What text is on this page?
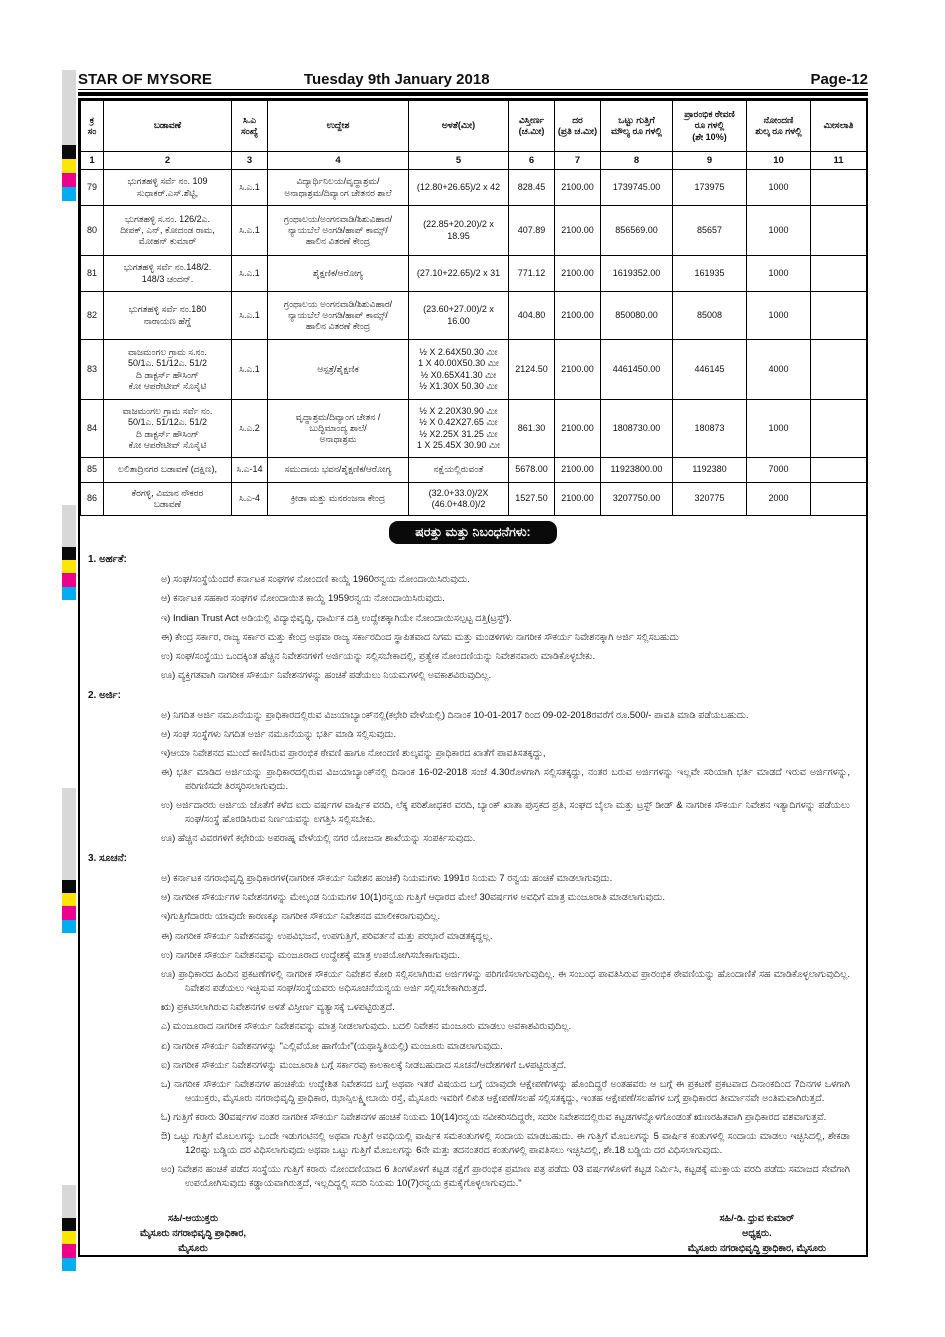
STAR OF MYSORE	Tuesday 9th January 2018	Page-12
ಕ್ರ
ಸಂ	ಬಡಾವಣೆ	ಸಿ.ಎ
ಸಂಖ್ಯೆ	ಉದ್ದೇಶ	ಅಳತೆ(ಮೀ)	ವಿಸ್ತೀರ್ಣ
(ಚ.ಮೀ)	ದರ
(ಪ್ರತಿ ಚ.ಮೀ)	ಒಟ್ಟು ಗುತ್ತಿಗೆ
ಮೌಲ್ಯ ರೂ ಗಳಲ್ಲಿ	ಪ್ರಾರಂಭಿಕ ಠೇವಣಿ
ರೂ ಗಳಲ್ಲಿ
(ಶೇ 10%)	ನೋಂದಣಿ
ಶುಲ್ಕ ರೂ ಗಳಲ್ಲಿ	ಮೀಸಲಾತಿ
1	2	3	4	5	6	7	8	9	10	11
79	ಭುಗತಹಳ್ಳಿ ಸರ್ವೆ ನಂ. 109
ಸುಧಾಕರ್.ಎಸ್.ಶೆಟ್ಟಿ,	ಸಿ.ಎ.1	ವಿದ್ಯಾರ್ಥಿನಿಲಯ/ವೃದ್ಧಾಶ್ರಮ/
ಅನಾಥಾಶ್ರಮ/ದಿವ್ಯಾಂಗ ಚೇತನರ ಶಾಲೆ	(12.80+26.65)/2 x 42	828.45	2100.00	1739745.00	173975	1000	
80	ಭುಗತಹಳ್ಳಿ ಸ.ನಂ. 126/2ಎ.
ದೀಪಕ್, ಎನ್, ಕೋದಂಡ ರಾಮ,
ಮೋಹನ್ ಕುಮಾರ್	ಸಿ.ಎ.1	ಗ್ರಂಥಾಲಯ/ಅಂಗನವಾಡಿ/ಶಿಶುವಿಹಾರ/
ನ್ಯಾಯಬೆಲೆ ಅಂಗಡಿ/ಹಾಪ್ ಕಾಮ್ಸ್/
ಹಾಲಿನ ವಿತರಣೆ ಕೇಂದ್ರ	(22.85+20.20)/2 x 18.95	407.89	2100.00	856569.00	85657	1000	
81	ಭುಗತಹಳ್ಳಿ ಸರ್ವೆ ನಂ.148/2.
148/3 ಚಂದನ್.	ಸಿ.ಎ.1	ಶೈಕ್ಷಣಿಕ/ಆರೋಗ್ಯ	(27.10+22.65)/2 x 31	771.12	2100.00	1619352.00	161935	1000	
82	ಭುಗತಹಳ್ಳಿ ಸರ್ವೆ ನಂ.180
ನಾರಾಯಣ ಹೆಗ್ಡೆ	ಸಿ.ಎ.1	ಗ್ರಂಥಾಲಯ ಅಂಗನವಾಡಿ/ಶಿಶುವಿಹಾರ/
ನ್ಯಾಯಬೆಲೆ ಅಂಗಡಿ/ಹಾಪ್ ಕಾಮ್ಸ್/
ಹಾಲಿನ ವಿತರಣೆ ಕೇಂದ್ರ	(23.60+27.00)/2 x 16.00	404.80	2100.00	850080.00	85008	1000	
83	ವಾಜಮಂಗಲ ಗ್ರಾಮ ಸ.ನಂ.
50/1ಎ. 51/12ಎ. 51/2
ದಿ ಡಾಕ್ಟರ್ಸ್ ಹೌಸಿಂಗ್
ಕೋ ಆಪರೇಟೀವ್ ಸೊಸೈಟಿ	ಸಿ.ಎ.1	ಆಸ್ಪತ್ರೆ/ಶೈಕ್ಷಣಿಕ	½ X 2.64X50.30 ಮೀ
1 X 40.00X50.30 ಮೀ
½ X0.65X41.30 ಮೀ
½ X1.30X 50.30 ಮೀ	2124.50	2100.00	4461450.00	446145	4000	
84	ವಾಜಮಂಗಲ ಗ್ರಾಮ ಸರ್ವೆ ನಂ.
50/1ಎ. 51/12ಎ. 51/2
ದಿ ಡಾಕ್ಟರ್ಸ್ ಹೌಸಿಂಗ್
ಕೋ ಆಪರೇಟೀವ್ ಸೊಸೈಟಿ	ಸಿ.ಎ.2	ವೃದ್ಧಾಶ್ರಮ/ದಿವ್ಯಾಂಗ ಚೇತನ /
ಬುದ್ಧಿಮಾಂದ್ಯ ಶಾಲೆ/
ಅನಾಥಾಶ್ರಮ	½ X 2.20X30.90 ಮೀ
½ X 0.42X27.65 ಮೀ
½ X2.25X 31.25 ಮೀ
1 X 25.45X 30.90 ಮೀ	861.30	2100.00	1808730.00	180873	1000	
85	ಲಲಿತಾದ್ರಿನಗರ ಬಡಾವಣೆ (ದಕ್ಷಿಣ),	ಸಿ.ಎ-14	ಸಮುದಾಯ ಭವನ/ಶೈಕ್ಷಣಿಕ/ಆರೋಗ್ಯ	ನಕ್ಷೆಯಲ್ಲಿರುವಂತೆ	5678.00	2100.00	11923800.00	1192380	7000	
86	ಕೆರಗಳ್ಳಿ, ವಿಮಾನ ನೌಕರರ
ಬಡಾವಣೆ	ಸಿ.ಎ-4	ಕ್ರೀಡಾ ಮತ್ತು ಮನರಂಜನಾ ಕೇಂದ್ರ	(32.0+33.0)/2X
(46.0+48.0)/2	1527.50	2100.00	3207750.00	320775	2000	
ಷರತ್ತು ಮತ್ತು ನಿಬಂಧನೆಗಳು:
1. ಅರ್ಹತೆ:
ಅ) ಸಂಘ/ಸಂಸ್ಥೆಯೆಂದರೆ ಕರ್ನಾಟಕ ಸಂಘಗಳ ನೋಂದಣಿ ಕಾಯ್ದೆ 1960ರನ್ವಯ ನೋಂದಾಯಿಸಿರುವುದು.
ಆ) ಕರ್ನಾಟಕ ಸಹಕಾರ ಸಂಘಗಳ ನೋಂದಾಯಿತ ಕಾಯ್ದೆ 1959ರನ್ವಯ ನೋಂದಾಯಿಸಿರುವುದು.
ಇ) Indian Trust Act ಅಡಿಯಲ್ಲಿ ವಿದ್ಯಾಭಿವೃದ್ಧಿ, ಧಾರ್ಮಿಕ ದತ್ತಿ ಉದ್ದೇಶಕ್ಕಾಗಿಯೇ ನೋಂದಾಯಿಸಲ್ಪಟ್ಟ ದತ್ತಿ(ಟ್ರಸ್ಟ್).
ಈ) ಕೇಂದ್ರ ಸರ್ಕಾರ, ರಾಜ್ಯ ಸರ್ಕಾರ ಮತ್ತು ಕೇಂದ್ರ ಅಥವಾ ರಾಜ್ಯ ಸರ್ಕಾರದಿಂದ ಸ್ಥಾಪಿತವಾದ ನಿಗಮ ಮತ್ತು ಮಂಡಳಿಗಳು ನಾಗರೀಕ ಸೌಕರ್ಯ ನಿವೇಶನಕ್ಕಾಗಿ ಅರ್ಜಿ ಸಲ್ಲಿಸಬಹುದು
ಉ) ಸಂಘ/ಸಂಸ್ಥೆಯು ಒಂದಕ್ಕಿಂತ ಹೆಚ್ಚಿನ ನಿವೇಶನಗಳಿಗೆ ಅರ್ಜಿಯನ್ನು ಸಲ್ಲಿಸಬೇಕಾದಲ್ಲಿ, ಪ್ರತ್ಯೇಕ ನೋಂದಣಿಯನ್ನು ನಿವೇಶನವಾರು ಮಾಡಿಕೊಳ್ಳಬೇಕು.
ಊ) ವ್ಯಕ್ತಿಗತವಾಗಿ ನಾಗರೀಕ ಸೌಕರ್ಯ ನಿವೇಶನಗಳನ್ನು ಹಂಚಿಕೆ ಪಡೆಯಲು ನಿಯಮಗಳಲ್ಲಿ ಅವಕಾಶವಿರುವುದಿಲ್ಲ.
2. ಅರ್ಜಿ:
ಅ) ನಿಗದಿತ ಅರ್ಜಿ ನಮೂನೆಯನ್ನು ಪ್ರಾಧಿಕಾರದಲ್ಲಿರುವ ವಿಜಯಾಬ್ಯಾಂಕ್‌ನಲ್ಲಿ(ಕಛೇರಿ ವೇಳೆಯಲ್ಲಿ) ದಿನಾಂಕ 10-01-2017 ರಿಂದ 09-02-2018ರವರೆಗೆ ರೂ.500/- ಪಾವತಿ ಮಾಡಿ ಪಡೆಯಬಹುದು.
ಆ) ಸಂಘ ಸಂಸ್ಥೆಗಳು ನಿಗದಿತ ಅರ್ಜಿ ನಮೂನೆಯನ್ನು ಭರ್ತಿ ಮಾಡಿ ಸಲ್ಲಿಸುವುದು.
ಇ)ಆಯಾ ನಿವೇಶನದ ಮುಂದೆ ಕಾಣಿಸಿರುವ ಪ್ರಾರಂಭಿಕ ಠೇವಣಿ ಹಾಗೂ ನೋಂದಣಿ ಶುಲ್ಕವನ್ನು ಪ್ರಾಧಿಕಾರದ ಖಾತೆಗೆ ಪಾವತಿಸತಕ್ಕದ್ದು,
ಈ) ಭರ್ತಿ ಮಾಡಿದ ಅರ್ಜಿಯನ್ನು ಪ್ರಾಧಿಕಾರದಲ್ಲಿರುವ ವಿಜಯಾಬ್ಯಾಂಕ್‌ನಲ್ಲಿ ದಿನಾಂಕ 16-02-2018 ಸಂಜೆ 4.30ರೊಳಗಾಗಿ ಸಲ್ಲಿಸತಕ್ಕದ್ದು, ನಂತರ ಬರುವ ಅರ್ಜಿಗಳನ್ನು ಇಲ್ಲವೇ ಸರಿಯಾಗಿ ಭರ್ತಿ ಮಾಡದೆ ಇರುವ ಅರ್ಜಿಗಳನ್ನು, ಪರಿಗಣಿಸದೇ ತಿರಸ್ಕರಿಸಲಾಗುವುದು.
ಉ) ಅರ್ಜಿದಾರರು ಅರ್ಜಿಯ ಜೊತೆಗೆ ಕಳೆದ ಐದು ವರ್ಷಗಳ ವಾರ್ಷಿಕ ವರದಿ, ಲೆಕ್ಕ ಪರಿಶೋಧಕರ ವರದಿ, ಬ್ಯಾಂಕ್ ಖಾತಾ ಪುಸ್ತಕದ ಪ್ರತಿ, ಸಂಘದ ಬೈಲಾ ಮತ್ತು ಟ್ರಸ್ಟ್ ಡೀಡ್ & ನಾಗರೀಕ ಸೌಕರ್ಯ ನಿವೇಶನ ಇತ್ಯಾದಿಗಳನ್ನು ಪಡೆಯಲು ಸಂಘ/ಸಂಸ್ಥೆ ಹೊರಡಿಸಿರುವ ನಿರ್ಣಯವನ್ನು ಲಗತ್ತಿಸಿ ಸಲ್ಲಿಸಬೇಕು.
ಊ) ಹೆಚ್ಚಿನ ವಿವರಗಳಿಗೆ ಕಛೇರಿಯ ಅಪರಾಹ್ನ ವೇಳೆಯಲ್ಲಿ ನಗರ ಯೋಜನಾ ಶಾಖೆಯನ್ನು ಸಂಪರ್ಕಿಸುವುದು.
3. ಸೂಚನೆ:
ಅ) ಕರ್ನಾಟಕ ನಗರಾಭಿವೃದ್ಧಿ ಪ್ರಾಧಿಕಾರಗಳ(ನಾಗರೀಕ ಸೌಕರ್ಯ ನಿವೇಶನ ಹಂಚಿಕೆ) ನಿಯಮಗಳು 1991ರ ನಿಯಮ 7 ರನ್ವಯ ಹಂಚಿಕೆ ಮಾಡಲಾಗುವುದು.
ಆ) ನಾಗರೀಕ ಸೌಕರ್ಯಗಳ ನಿವೇಶನಗಳನ್ನು ಮೇಲ್ಕಂಡ ನಿಯಮಗಳ 10(1)ರನ್ವಯ ಗುತ್ತಿಗೆ ಆಧಾರದ ಮೇಲೆ 30ವರ್ಷಗಳ ಅವಧಿಗೆ ಮಾತ್ರ ಮಂಜೂರಾತಿ ಮಾಡಲಾಗುವುದು.
ಇ)ಗುತ್ತಿಗೆದಾರರು ಯಾವುದೇ ಕಾರಣಕ್ಕೂ ನಾಗರೀಕ ಸೌಕರ್ಯ ನಿವೇಶನದ ಮಾಲೀಕರಾಗುವುದಿಲ್ಲ.
ಈ) ನಾಗರೀಕ ಸೌಕರ್ಯ ನಿವೇಶನವನ್ನು ಉಪವಿಭಜನೆ, ಉಪಗುತ್ತಿಗೆ, ಪರಿವರ್ತನೆ ಮತ್ತು ಪರಭಾರೆ ಮಾಡತಕ್ಕದ್ದಲ್ಲ.
ಉ) ನಾಗರೀಕ ಸೌಕರ್ಯ ನಿವೇಶನವನ್ನು ಮಂಜೂರಾದ ಉದ್ದೇಶಕ್ಕೆ ಮಾತ್ರ ಉಪಯೋಗಿಸಬೇಕಾಗುವುದು.
ಊ) ಪ್ರಾಧಿಕಾರದ ಹಿಂದಿನ ಪ್ರಕಟಣೆಗಳಲ್ಲಿ ನಾಗರೀಕ ಸೌಕರ್ಯ ನಿವೇಶನ ಕೋರಿ ಸಲ್ಲಿಸಲಾಗಿರುವ ಅರ್ಜಿಗಳನ್ನು ಪರಿಗಣಿಸಲಾಗುವುದಿಲ್ಲ. ಈ ಸಂಬಂಧ ಪಾವತಿಸಿರುವ ಪ್ರಾರಂಭಿಕ ಠೇವಣಿಯನ್ನು ಹೊಂದಾಣಿಕೆ ಸಹ ಮಾಡಿಕೊಳ್ಳಲಾಗುವುದಿಲ್ಲ. ನಿವೇಶನ ಪಡೆಯಲು ಇಚ್ಛಿಸುವ ಸಂಘ/ಸಂಸ್ಥೆಯವರು ಅಧಿಸೂಚನೆಯನ್ವಯ ಅರ್ಜಿ ಸಲ್ಲಿಸಬೇಕಾಗಿರುತ್ತದೆ.
ಋ) ಪ್ರಕಟಿಸಲಾಗಿರುವ ನಿವೇಶನಗಳ ಅಳತೆ ವಿಸ್ತೀರ್ಣ ವ್ಯತ್ಯಾಸಕ್ಕೆ ಒಳಪಟ್ಟಿರುತ್ತದೆ.
ಎ) ಮಂಜೂರಾದ ನಾಗರೀಕ ಸೌಕರ್ಯ ನಿವೇಶನವನ್ನು ಮಾತ್ರ ನೀಡಲಾಗುವುದು. ಬದಲಿ ನಿವೇಶನ ಮಂಜೂರು ಮಾಡಲು ಅವಕಾಶವಿರುವುದಿಲ್ಲ.
ಏ) ನಾಗರೀಕ ಸೌಕರ್ಯ ನಿವೇಶನಗಳನ್ನು "ಎಲ್ಲಿವೆಯೋ ಹಾಗೆಯೇ"(ಯಥಾಸ್ಥಿತಿಯಲ್ಲಿ) ಮಂಜೂರು ಮಾಡಲಾಗುವುದು.
ಐ) ನಾಗರೀಕ ಸೌಕರ್ಯ ನಿವೇಶನಗಳನ್ನು ಮಂಜೂರಾತಿ ಬಗ್ಗೆ ಸರ್ಕಾರವು ಕಾಲಕಾಲಕ್ಕೆ ನೀಡಬಹುದಾದ ಸೂಚನೆ/ಆದೇಶಗಳಿಗೆ ಒಳಪಟ್ಟಿರುತ್ತದೆ.
ಒ) ನಾಗರೀಕ ಸೌಕರ್ಯ ನಿವೇಶನಗಳ ಹಂಚಿಕೆಯ ಉದ್ದೇಶಿತ ನಿವೇಶನದ ಬಗ್ಗೆ ಅಥವಾ ಇತರೆ ವಿಷಯದ ಬಗ್ಗೆ ಯಾವುದೇ ಆಕ್ಷೇಪಣೆಗಳನ್ನು ಹೊಂದಿದ್ದರೆ ಅಂತಹವರು ಆ ಬಗ್ಗೆ ಈ ಪ್ರಕಟಣೆ ಪ್ರಕಟವಾದ ದಿನಾಂಕದಿಂದ 7ದಿನಗಳ ಒಳಗಾಗಿ ಆಯುಕ್ತರು, ಮೈಸೂರು ನಗರಾಭಿವೃದ್ಧಿ ಪ್ರಾಧಿಕಾರ, ಝಾನ್ಸಿಲಕ್ಷ್ಮೀಬಾಯಿ ರಸ್ತೆ, ಮೈಸೂರು ಇವರಿಗೆ ಲಿಖಿತ ಆಕ್ಷೇಪಣೆ/ಸಲಹೆ ಸಲ್ಲಿಸತಕ್ಕದ್ದು, ಇಂತಹ ಆಕ್ಷೇಪಣೆ/ಸಲಹೆಗಳ ಬಗ್ಗೆ ಪ್ರಾಧಿಕಾರದ ತೀರ್ಮಾನವೇ ಅಂತಿಮವಾಗಿರುತ್ತದೆ.
ಓ) ಗುತ್ತಿಗೆ ಕರಾರು 30ವರ್ಷಗಳ ನಂತರ ನಾಗರೀಕ ಸೌಕರ್ಯ ನಿವೇಶನಗಳ ಹಂಚಿಕೆ ನಿಯಮ 10(14)ರನ್ವಯ ನವೀಕರಿಸದಿದ್ದರೇ, ಸದರೀ ನಿವೇಶನದಲ್ಲಿರುವ ಕಟ್ಟಡಗಳನ್ನೊಳಗೊಂಡಂತೆ ಋಣರಹಿತವಾಗಿ ಪ್ರಾಧಿಕಾರದ ವಶವಾಗುತ್ತವೆ.
ಔ) ಒಟ್ಟು ಗುತ್ತಿಗೆ ಮೊಬಲಗನ್ನು ಒಂದೇ ಇಡುಗಂಟಿನಲ್ಲಿ ಅಥವಾ ಗುತ್ತಿಗೆ ಅವಧಿಯಲ್ಲಿ ವಾರ್ಷಿಕ ಸಮಕಂತುಗಳಲ್ಲಿ ಸಂದಾಯ ಮಾಡಬಹುದು. ಈ ಗುತ್ತಿಗೆ ಮೊಬಲಗನ್ನು 5 ವಾರ್ಷಿಕ ಕಂತುಗಳಲ್ಲಿ ಸಂದಾಯ ಮಾಡಲು ಇಚ್ಛಿಸಿದಲ್ಲಿ, ಶೇಕಡಾ 12ರಷ್ಟು ಬಡ್ಡಿಯ ದರ ವಿಧಿಸಲಾಗುವುದು ಅಥವಾ ಒಟ್ಟು ಗುತ್ತಿಗೆ ಮೊಬಲಗನ್ನು 6ನೇ ಮತ್ತು ತದನಂತರದ ಕಂತುಗಳಲ್ಲಿ ಪಾವತಿಸಲು ಇಚ್ಛಿಸಿದಲ್ಲಿ, ಶೇ.18 ಬಡ್ಡಿಯ ದರ ವಿಧಿಸಲಾಗುವುದು.
ಅಂ) ನಿವೇಶನ ಹಂಚಿಕೆ ಪಡೆದ ಸಂಸ್ಥೆಯು ಗುತ್ತಿಗೆ ಕರಾರು ನೋಂದಣಿಯಾದ 6 ತಿಂಗಳೊಳಗೆ ಕಟ್ಟಡ ನಕ್ಷೆಗೆ ಪ್ರಾರಂಭಿಕ ಪ್ರಮಾಣ ಪತ್ರ ಪಡೆದು 03 ವರ್ಷಗಳೊಳಗೆ ಕಟ್ಟಡ ನಿರ್ಮಿಸಿ, ಕಟ್ಟಡಕ್ಕೆ ಮುಕ್ತಾಯ ವರದಿ ಪಡೆದು ಸಮಾಜದ ಸೇವೆಗಾಗಿ ಉಪಯೋಗಿಸುವುದು ಕಡ್ಡಾಯವಾಗಿರುತ್ತದೆ, ಇಲ್ಲದಿದ್ದಲ್ಲಿ ಸದರಿ ನಿಯಮ 10(7)ರನ್ವಯ ಕ್ರಮಕೈಗೊಳ್ಳಲಾಗುವುದು."
ಸಹಿ/-ಆಯುಕ್ತರು
ಮೈಸೂರು ನಗರಾಭಿವೃದ್ಧಿ ಪ್ರಾಧಿಕಾರ,
ಮೈಸೂರು
ಸಹಿ/-ಡಿ. ಧ್ರುವ ಕುಮಾರ್
ಅಧ್ಯಕ್ಷರು.
ಮೈಸೂರು ನಗರಾಭಿವೃದ್ಧಿ ಪ್ರಾಧಿಕಾರ, ಮೈಸೂರು
